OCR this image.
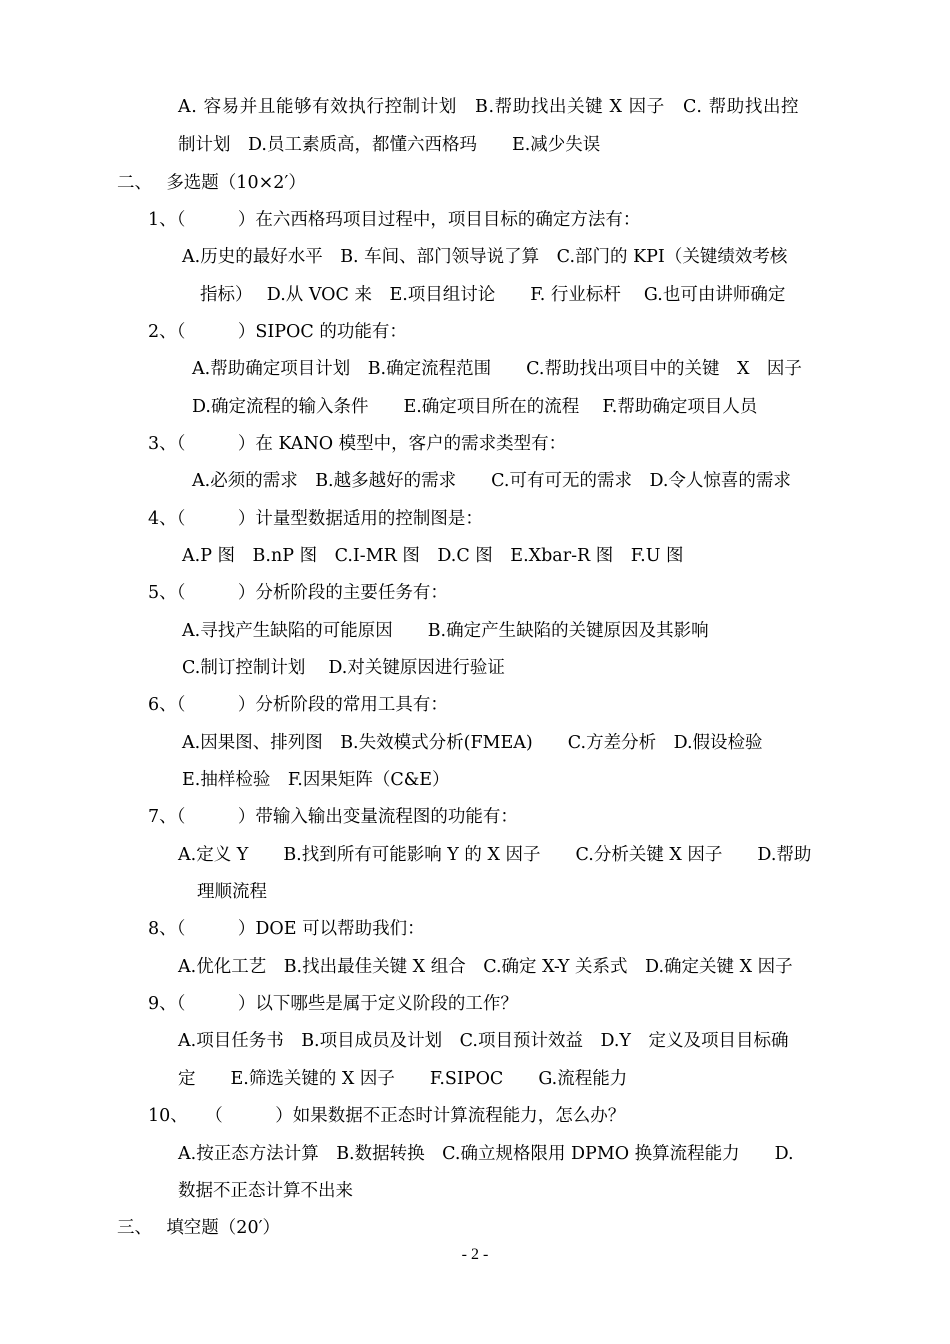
A. 容易并且能够有效执行控制计划　B.帮助找出关键 X 因子　C. 帮助找出控
制计划　D.员工素质高，都懂六西格玛　　E.减少失误
二、　 多选题（10×2′）
1、（　　　）在六西格玛项目过程中，项目目标的确定方法有：
A.历史的最好水平　B. 车间、部门领导说了算　C.部门的 KPI（关键绩效考核
指标）　 D.从 VOC 来　E.项目组讨论　　F. 行业标杆　 G.也可由讲师确定
2、（　　　）SIPOC 的功能有：
A.帮助确定项目计划　B.确定流程范围　　C.帮助找出项目中的关键　X　因子
D.确定流程的输入条件　　E.确定项目所在的流程　 F.帮助确定项目人员
3、（　　　）在 KANO 模型中，客户的需求类型有：
A.必须的需求　B.越多越好的需求　　C.可有可无的需求　D.令人惊喜的需求
4、（　　　）计量型数据适用的控制图是：
A.P 图　B.nP 图　C.I-MR 图　D.C 图　E.Xbar-R 图　F.U 图
5、（　　　）分析阶段的主要任务有：
A.寻找产生缺陷的可能原因　　B.确定产生缺陷的关键原因及其影响
C.制订控制计划　 D.对关键原因进行验证
6、（　　　）分析阶段的常用工具有：
A.因果图、排列图　B.失效模式分析(FMEA)　　C.方差分析　D.假设检验
E.抽样检验　F.因果矩阵（C&E）
7、（　　　）带输入输出变量流程图的功能有：
A.定义 Y　　B.找到所有可能影响 Y 的 X 因子　　C.分析关键 X 因子　　D.帮助
理顺流程
8、（　　　）DOE 可以帮助我们：
A.优化工艺　B.找出最佳关键 X 组合　C.确定 X-Y 关系式　D.确定关键 X 因子
9、（　　　）以下哪些是属于定义阶段的工作？
A.项目任务书　B.项目成员及计划　C.项目预计效益　D.Y　定义及项目目标确
定　　E.筛选关键的 X 因子　　F.SIPOC　　G.流程能力
10、　　（　　　）如果数据不正态时计算流程能力，怎么办？
A.按正态方法计算　B.数据转换　C.确立规格限用 DPMO 换算流程能力　　D.
数据不正态计算不出来
三、　 填空题（20′）
- 2 -
